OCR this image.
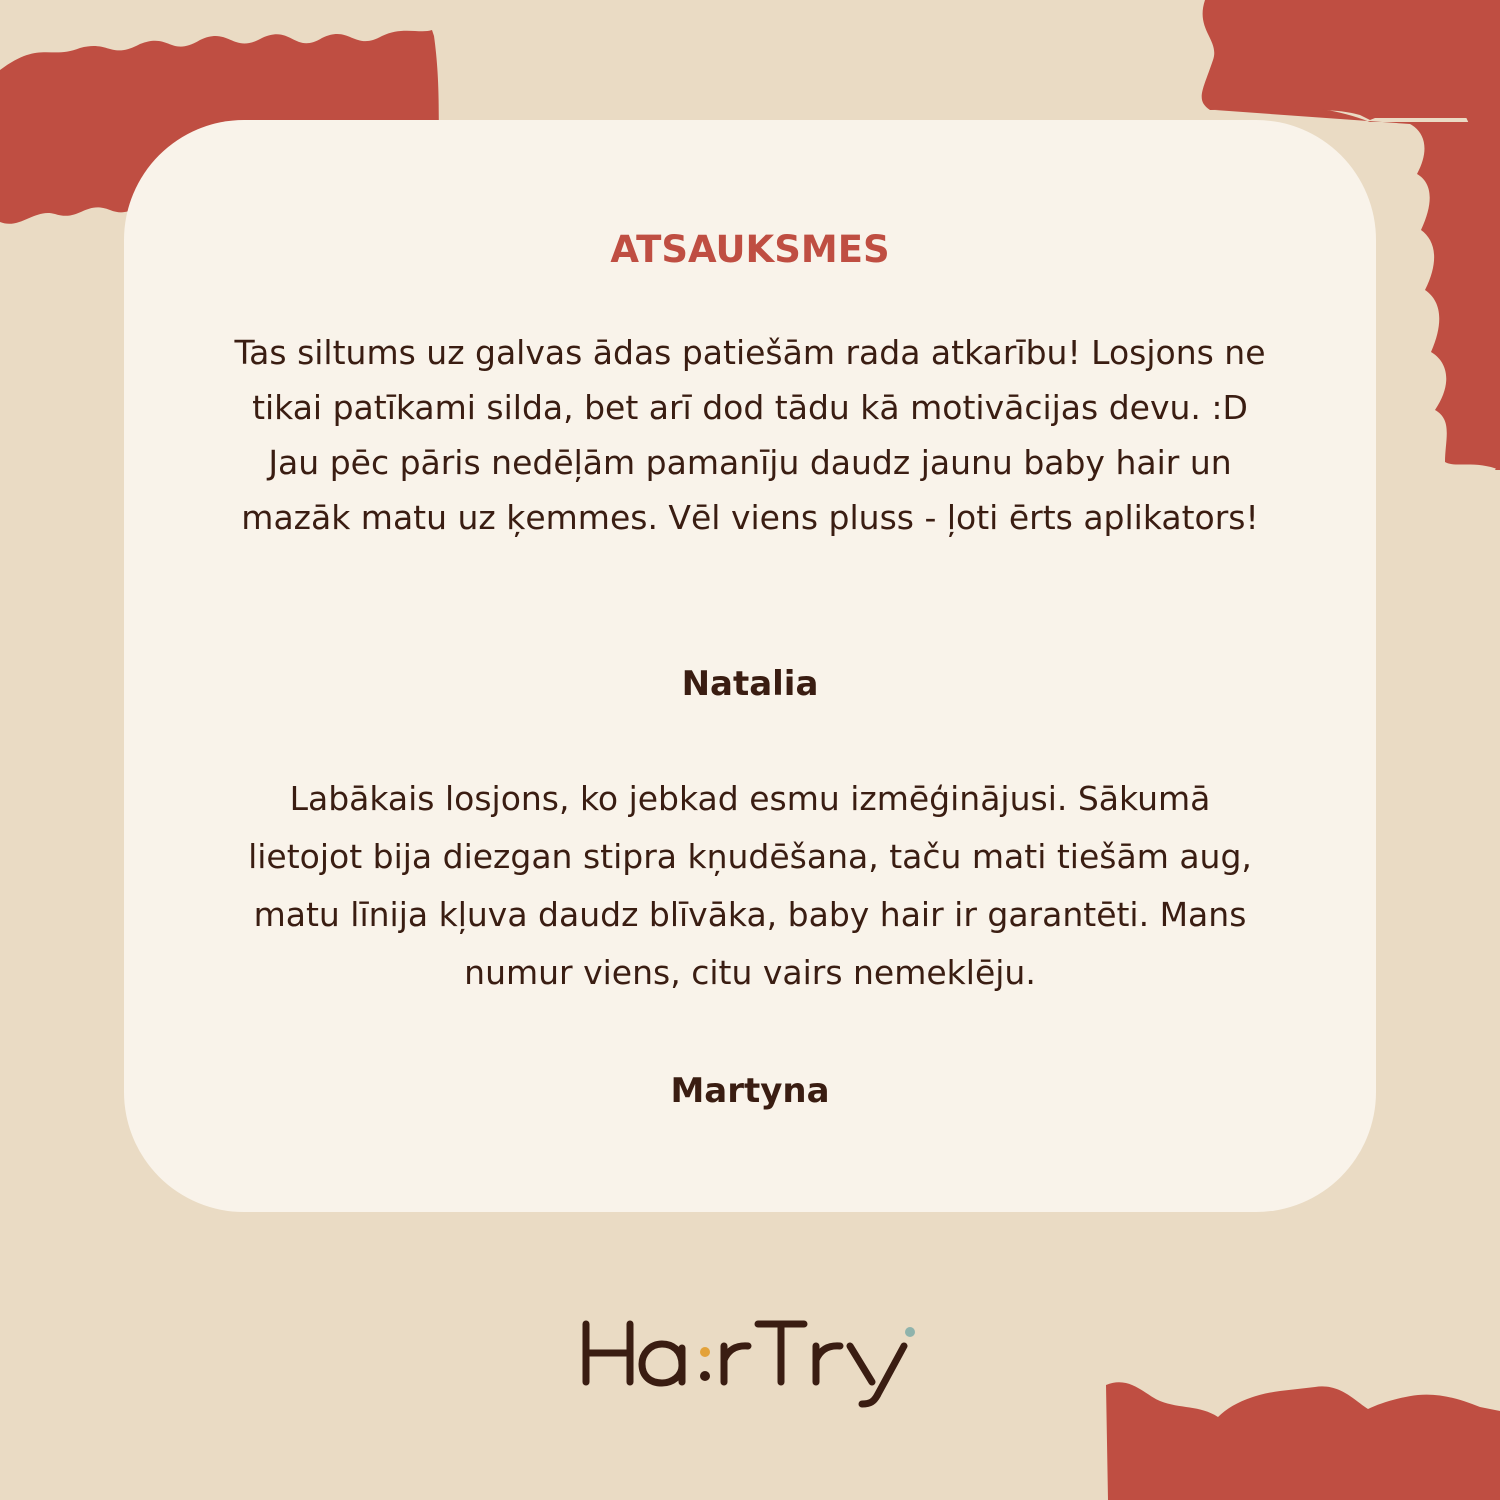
ATSAUKSMES

Tas siltums uz galvas ādas patiešām rada atkarību! Losjons ne tikai patīkami silda, bet arī dod tādu kā motivācijas devu. :D Jau pēc pāris nedēļām pamanīju daudz jaunu baby hair un mazāk matu uz ķemmes. Vēl viens pluss - ļoti ērts aplikators!

Natalia

Labākais losjons, ko jebkad esmu izmēģinājusi. Sākumā lietojot bija diezgan stipra kņudēšana, taču mati tiešām aug, matu līnija kļuva daudz blīvāka, baby hair ir garantēti. Mans numur viens, citu vairs nemeklēju.

Martyna
